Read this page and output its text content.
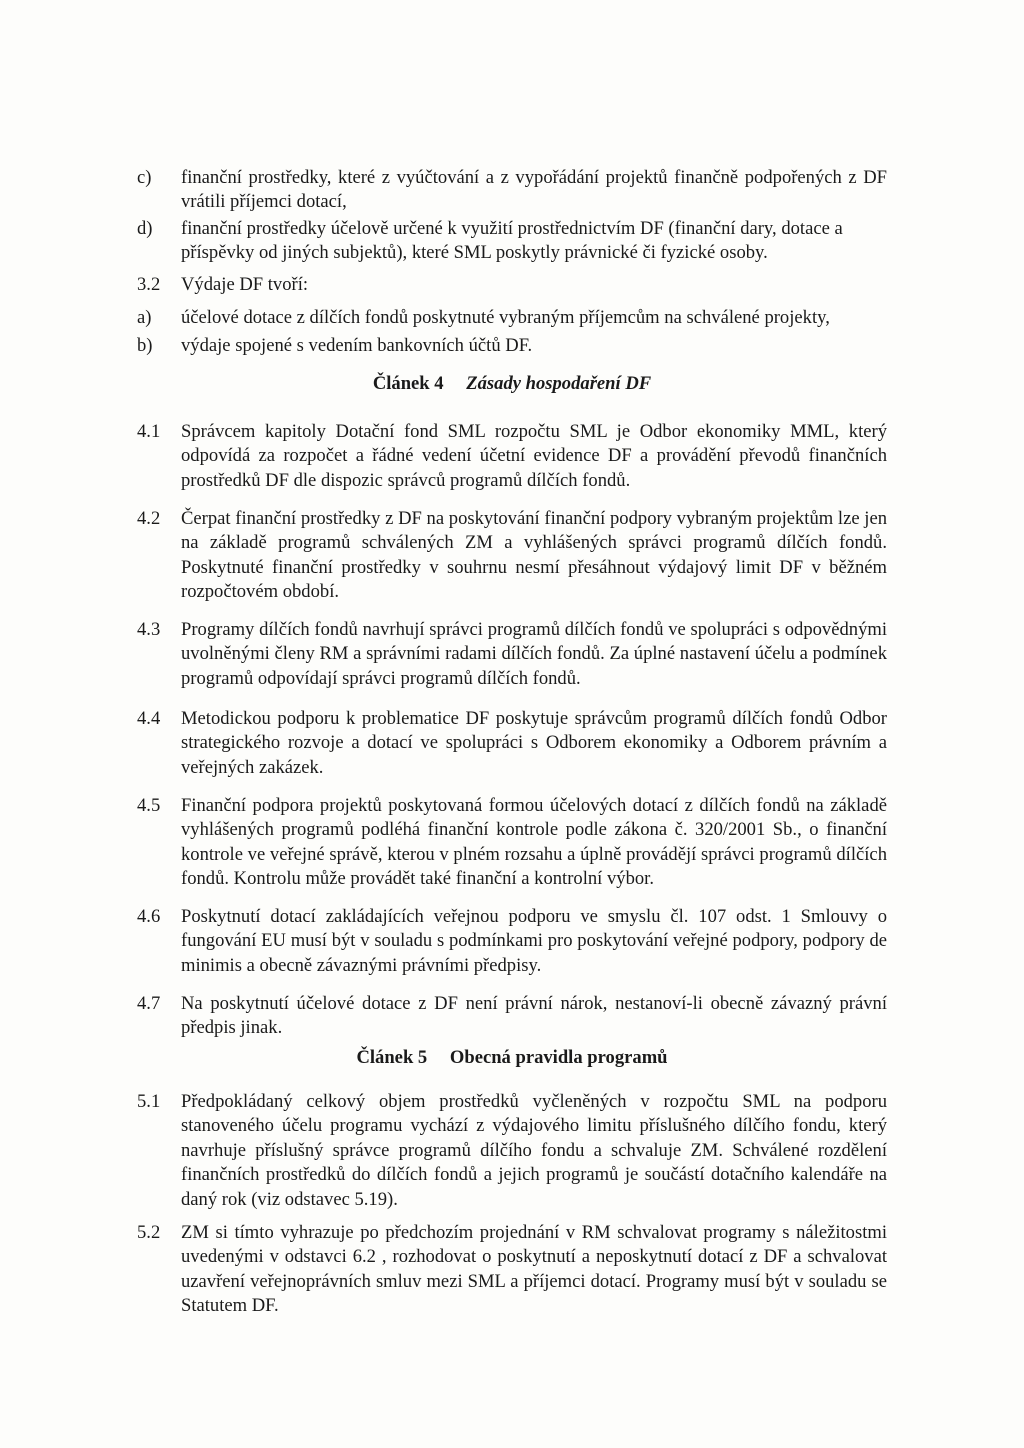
c)	finanční prostředky, které z vyúčtování a z vypořádání projektů finančně podpořených z DF vrátili příjemci dotací,
d)	finanční prostředky účelově určené k využití prostřednictvím DF (finanční dary, dotace a příspěvky od jiných subjektů), které SML poskytly právnické či fyzické osoby.
3.2	Výdaje DF tvoří:
a)	účelové dotace z dílčích fondů poskytnuté vybraným příjemcům na schválené projekty,
b)	výdaje spojené s vedením bankovních účtů DF.
Článek 4 Zásady hospodaření DF
4.1	Správcem kapitoly Dotační fond SML rozpočtu SML je Odbor ekonomiky MML, který odpovídá za rozpočet a řádné vedení účetní evidence DF a provádění převodů finančních prostředků DF dle dispozic správců programů dílčích fondů.
4.2	Čerpat finanční prostředky z DF na poskytování finanční podpory vybraným projektům lze jen na základě programů schválených ZM a vyhlášených správci programů dílčích fondů. Poskytnuté finanční prostředky v souhrnu nesmí přesáhnout výdajový limit DF v běžném rozpočtovém období.
4.3	Programy dílčích fondů navrhují správci programů dílčích fondů ve spolupráci s odpovědnými uvolněnými členy RM a správními radami dílčích fondů. Za úplné nastavení účelu a podmínek programů odpovídají správci programů dílčích fondů.
4.4	Metodickou podporu k problematice DF poskytuje správcům programů dílčích fondů Odbor strategického rozvoje a dotací ve spolupráci s Odborem ekonomiky a Odborem právním a veřejných zakázek.
4.5	Finanční podpora projektů poskytovaná formou účelových dotací z dílčích fondů na základě vyhlášených programů podléhá finanční kontrole podle zákona č. 320/2001 Sb., o finanční kontrole ve veřejné správě, kterou v plném rozsahu a úplně provádějí správci programů dílčích fondů. Kontrolu může provádět také finanční a kontrolní výbor.
4.6	Poskytnutí dotací zakládajících veřejnou podporu ve smyslu čl. 107 odst. 1 Smlouvy o fungování EU musí být v souladu s podmínkami pro poskytování veřejné podpory, podpory de minimis a obecně závaznými právními předpisy.
4.7	Na poskytnutí účelové dotace z DF není právní nárok, nestanoví-li obecně závazný právní předpis jinak.
Článek 5 Obecná pravidla programů
5.1	Předpokládaný celkový objem prostředků vyčleněných v rozpočtu SML na podporu stanoveného účelu programu vychází z výdajového limitu příslušného dílčího fondu, který navrhuje příslušný správce programů dílčího fondu a schvaluje ZM. Schválené rozdělení finančních prostředků do dílčích fondů a jejich programů je součástí dotačního kalendáře na daný rok (viz odstavec 5.19).
5.2	ZM si tímto vyhrazuje po předchozím projednání v RM schvalovat programy s náležitostmi uvedenými v odstavci 6.2 , rozhodovat o poskytnutí a neposkytnutí dotací z DF a schvalovat uzavření veřejnoprávních smluv mezi SML a příjemci dotací. Programy musí být v souladu se Statutem DF.
